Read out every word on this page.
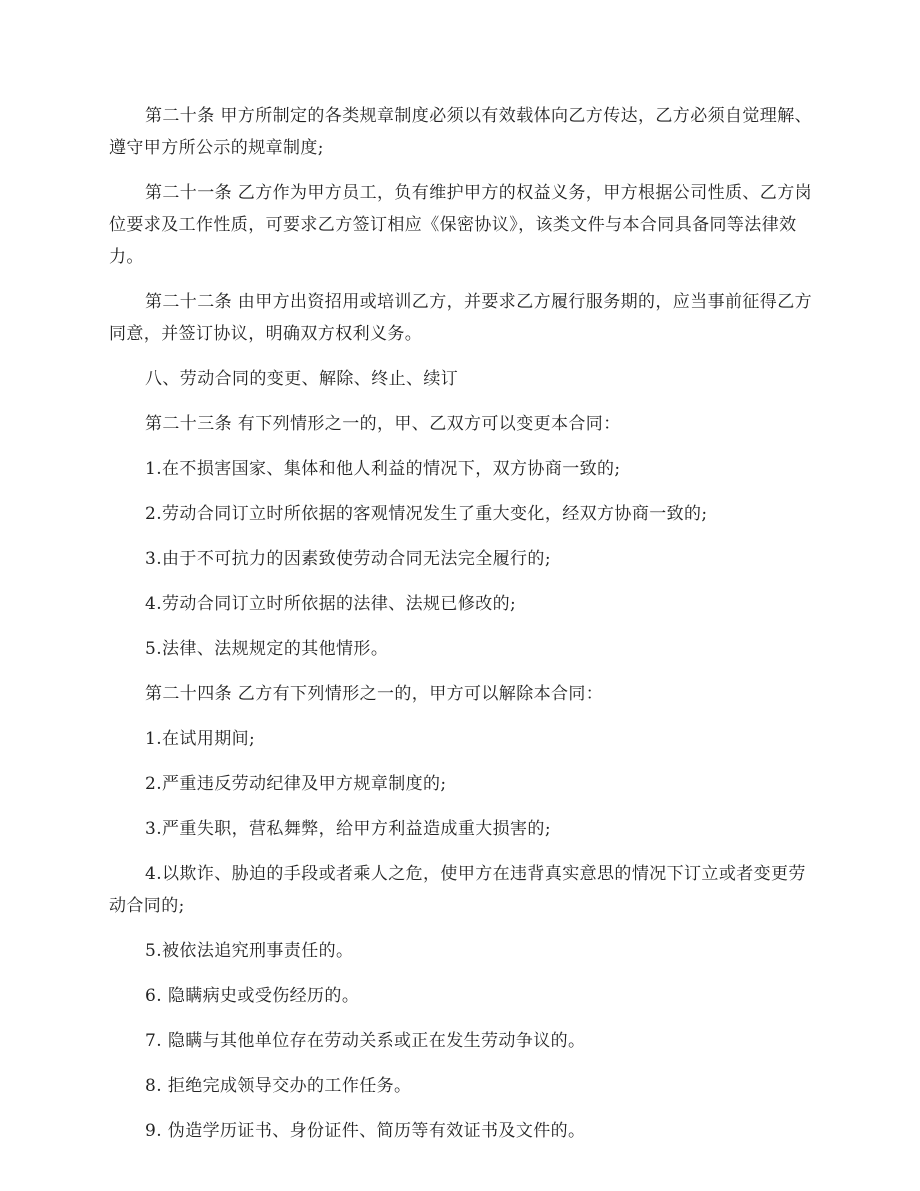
第二十条 甲方所制定的各类规章制度必须以有效载体向乙方传达，乙方必须自觉理解、遵守甲方所公示的规章制度;

第二十一条 乙方作为甲方员工，负有维护甲方的权益义务，甲方根据公司性质、乙方岗位要求及工作性质，可要求乙方签订相应《保密协议》，该类文件与本合同具备同等法律效力。

第二十二条 由甲方出资招用或培训乙方，并要求乙方履行服务期的，应当事前征得乙方同意，并签订协议，明确双方权利义务。

八、劳动合同的变更、解除、终止、续订

第二十三条 有下列情形之一的，甲、乙双方可以变更本合同：

1.在不损害国家、集体和他人利益的情况下，双方协商一致的;

2.劳动合同订立时所依据的客观情况发生了重大变化，经双方协商一致的;

3.由于不可抗力的因素致使劳动合同无法完全履行的;

4.劳动合同订立时所依据的法律、法规已修改的;

5.法律、法规规定的其他情形。

第二十四条 乙方有下列情形之一的，甲方可以解除本合同：

1.在试用期间;

2.严重违反劳动纪律及甲方规章制度的;

3.严重失职，营私舞弊，给甲方利益造成重大损害的;

4.以欺诈、胁迫的手段或者乘人之危，使甲方在违背真实意思的情况下订立或者变更劳动合同的;

5.被依法追究刑事责任的。

6. 隐瞒病史或受伤经历的。

7. 隐瞒与其他单位存在劳动关系或正在发生劳动争议的。

8. 拒绝完成领导交办的工作任务。

9. 伪造学历证书、身份证件、简历等有效证书及文件的。
